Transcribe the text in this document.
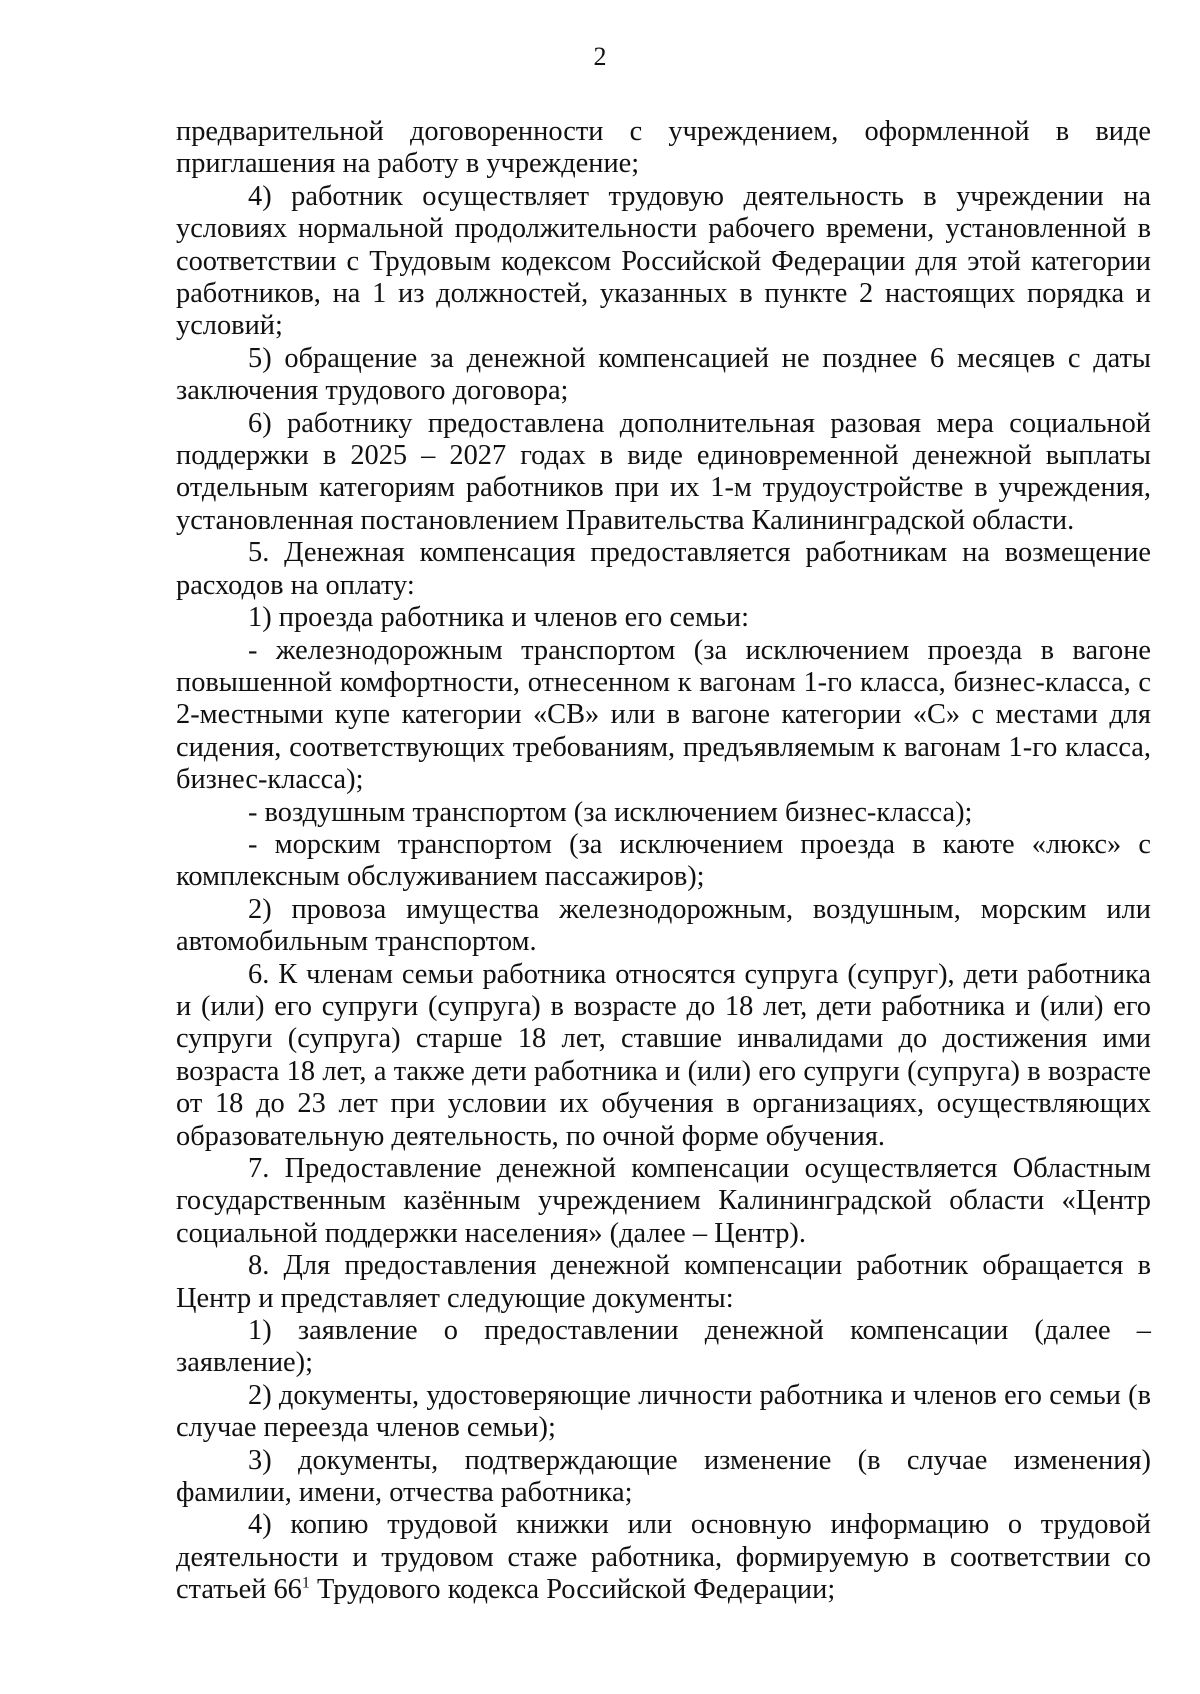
2

предварительной договоренности с учреждением, оформленной в виде приглашения на работу в учреждение;

4) работник осуществляет трудовую деятельность в учреждении на условиях нормальной продолжительности рабочего времени, установленной в соответствии с Трудовым кодексом Российской Федерации для этой категории работников, на 1 из должностей, указанных в пункте 2 настоящих порядка и условий;

5) обращение за денежной компенсацией не позднее 6 месяцев с даты заключения трудового договора;

6) работнику предоставлена дополнительная разовая мера социальной поддержки в 2025 – 2027 годах в виде единовременной денежной выплаты отдельным категориям работников при их 1-м трудоустройстве в учреждения, установленная постановлением Правительства Калининградской области.

5. Денежная компенсация предоставляется работникам на возмещение расходов на оплату:

1) проезда работника и членов его семьи:

- железнодорожным транспортом (за исключением проезда в вагоне повышенной комфортности, отнесенном к вагонам 1-го класса, бизнес-класса, с 2-местными купе категории «СВ» или в вагоне категории «С» с местами для сидения, соответствующих требованиям, предъявляемым к вагонам 1-го класса, бизнес-класса);

- воздушным транспортом (за исключением бизнес-класса);

- морским транспортом (за исключением проезда в каюте «люкс» с комплексным обслуживанием пассажиров);

2) провоза имущества железнодорожным, воздушным, морским или автомобильным транспортом.

6. К членам семьи работника относятся супруга (супруг), дети работника и (или) его супруги (супруга) в возрасте до 18 лет, дети работника и (или) его супруги (супруга) старше 18 лет, ставшие инвалидами до достижения ими возраста 18 лет, а также дети работника и (или) его супруги (супруга) в возрасте от 18 до 23 лет при условии их обучения в организациях, осуществляющих образовательную деятельность, по очной форме обучения.

7. Предоставление денежной компенсации осуществляется Областным государственным казённым учреждением Калининградской области «Центр социальной поддержки населения» (далее – Центр).

8. Для предоставления денежной компенсации работник обращается в Центр и представляет следующие документы:

1) заявление о предоставлении денежной компенсации (далее – заявление);

2) документы, удостоверяющие личности работника и членов его семьи (в случае переезда членов семьи);

3) документы, подтверждающие изменение (в случае изменения) фамилии, имени, отчества работника;

4) копию трудовой книжки или основную информацию о трудовой деятельности и трудовом стаже работника, формируемую в соответствии со статьей $66^1$ Трудового кодекса Российской Федерации;
